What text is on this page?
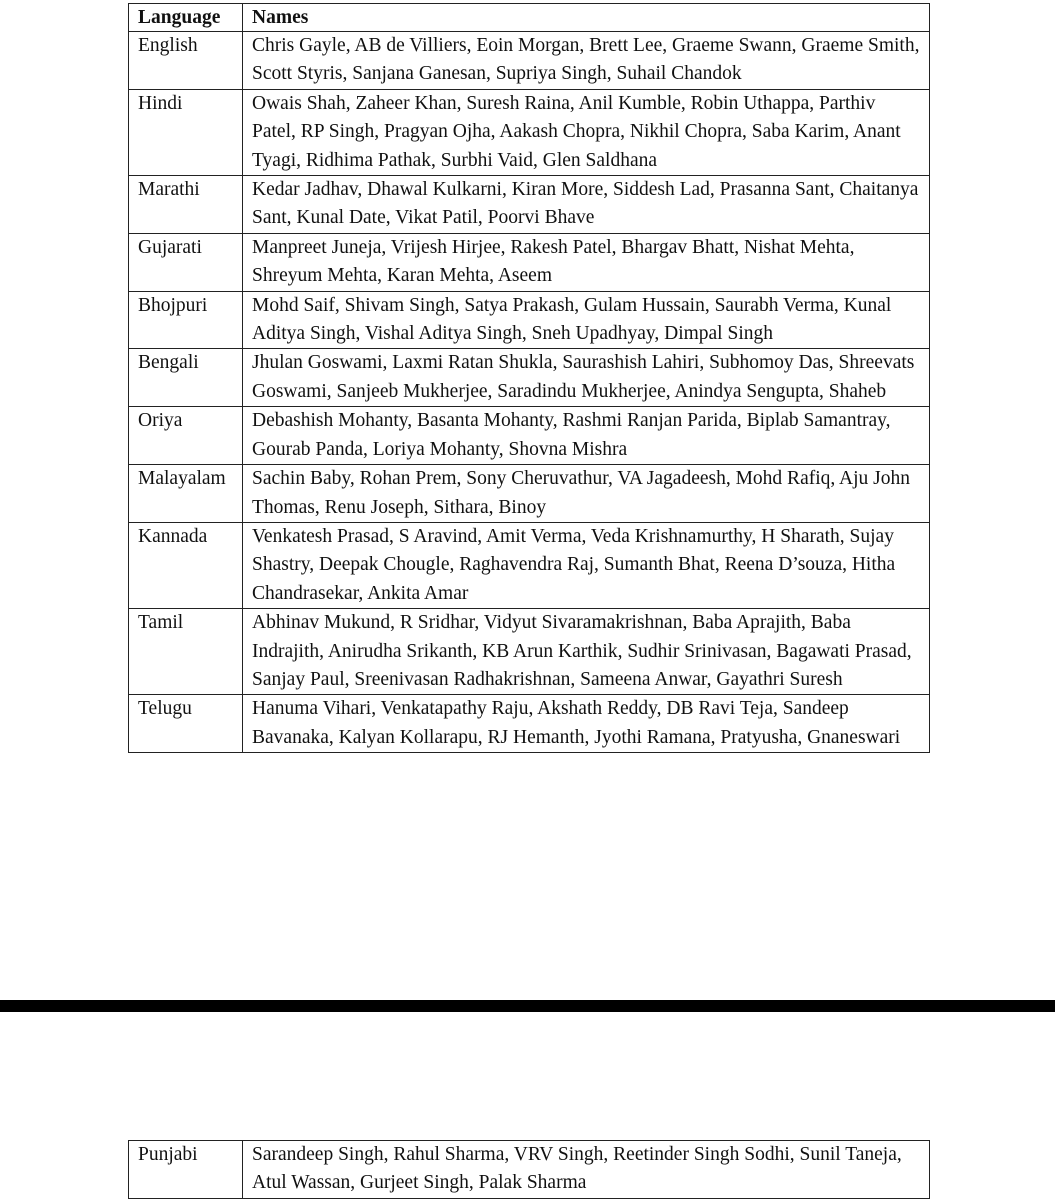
Language	Names
English	Chris Gayle, AB de Villiers, Eoin Morgan, Brett Lee, Graeme Swann, Graeme Smith, Scott Styris, Sanjana Ganesan, Supriya Singh, Suhail Chandok
Hindi	Owais Shah, Zaheer Khan, Suresh Raina, Anil Kumble, Robin Uthappa, Parthiv Patel, RP Singh, Pragyan Ojha, Aakash Chopra, Nikhil Chopra, Saba Karim, Anant Tyagi, Ridhima Pathak, Surbhi Vaid, Glen Saldhana
Marathi	Kedar Jadhav, Dhawal Kulkarni, Kiran More, Siddesh Lad, Prasanna Sant, Chaitanya Sant, Kunal Date, Vikat Patil, Poorvi Bhave
Gujarati	Manpreet Juneja, Vrijesh Hirjee, Rakesh Patel, Bhargav Bhatt, Nishat Mehta, Shreyum Mehta, Karan Mehta, Aseem
Bhojpuri	Mohd Saif, Shivam Singh, Satya Prakash, Gulam Hussain, Saurabh Verma, Kunal Aditya Singh, Vishal Aditya Singh, Sneh Upadhyay, Dimpal Singh
Bengali	Jhulan Goswami, Laxmi Ratan Shukla, Saurashish Lahiri, Subhomoy Das, Shreevats Goswami, Sanjeeb Mukherjee, Saradindu Mukherjee, Anindya Sengupta, Shaheb
Oriya	Debashish Mohanty, Basanta Mohanty, Rashmi Ranjan Parida, Biplab Samantray, Gourab Panda, Loriya Mohanty, Shovna Mishra
Malayalam	Sachin Baby, Rohan Prem, Sony Cheruvathur, VA Jagadeesh, Mohd Rafiq, Aju John Thomas, Renu Joseph, Sithara, Binoy
Kannada	Venkatesh Prasad, S Aravind, Amit Verma, Veda Krishnamurthy, H Sharath, Sujay Shastry, Deepak Chougle, Raghavendra Raj, Sumanth Bhat, Reena D’souza, Hitha Chandrasekar, Ankita Amar
Tamil	Abhinav Mukund, R Sridhar, Vidyut Sivaramakrishnan, Baba Aprajith, Baba Indrajith, Anirudha Srikanth, KB Arun Karthik, Sudhir Srinivasan, Bagawati Prasad, Sanjay Paul, Sreenivasan Radhakrishnan, Sameena Anwar, Gayathri Suresh
Telugu	Hanuma Vihari, Venkatapathy Raju, Akshath Reddy, DB Ravi Teja, Sandeep Bavanaka, Kalyan Kollarapu, RJ Hemanth, Jyothi Ramana, Pratyusha, Gnaneswari
Punjabi	Sarandeep Singh, Rahul Sharma, VRV Singh, Reetinder Singh Sodhi, Sunil Taneja, Atul Wassan, Gurjeet Singh, Palak Sharma
